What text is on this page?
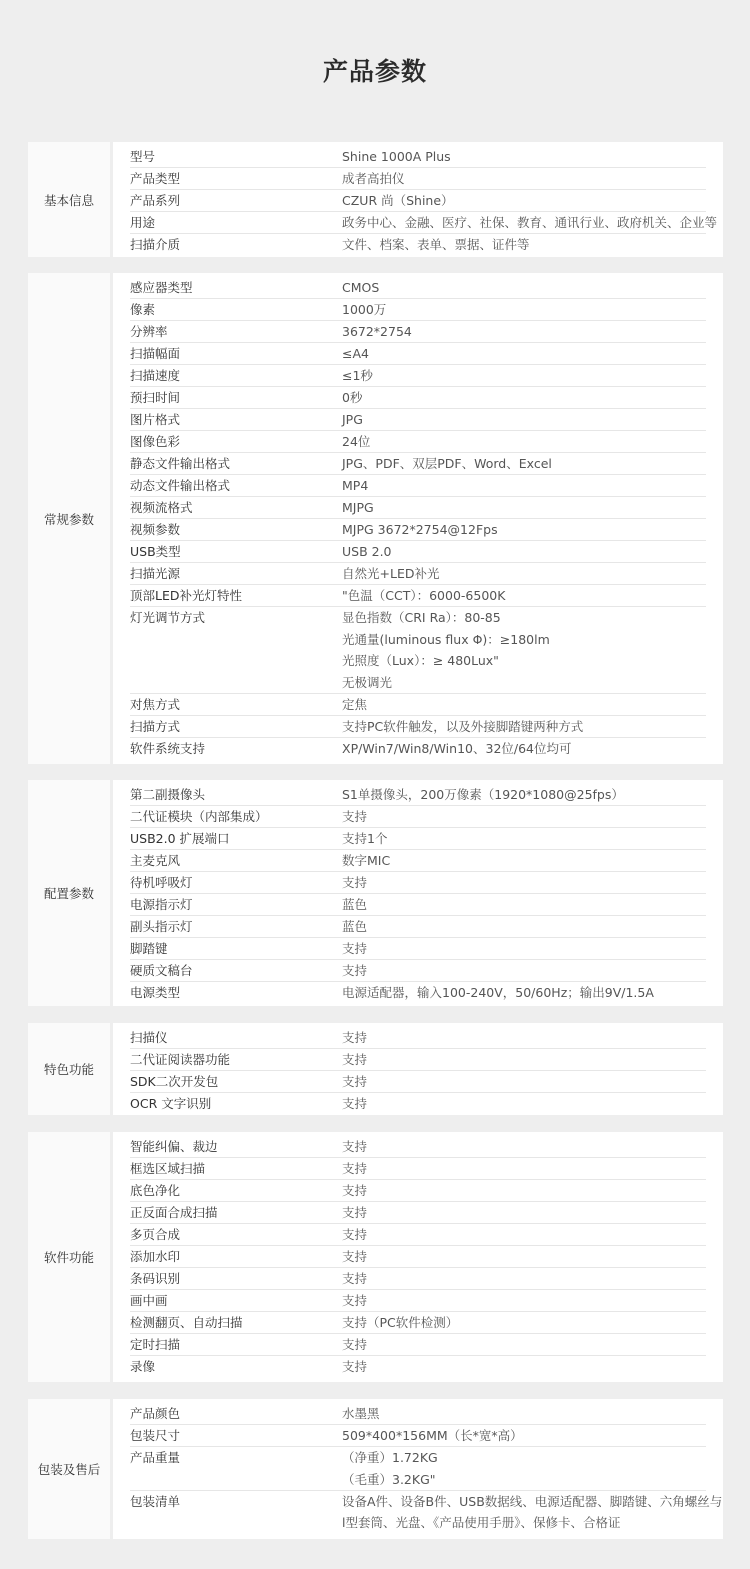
产品参数
基本信息
型号	Shine 1000A Plus
产品类型	成者高拍仪
产品系列	CZUR 尚（Shine）
用途	政务中心、金融、医疗、社保、教育、通讯行业、政府机关、企业等
扫描介质	文件、档案、表单、票据、证件等
常规参数
感应器类型	CMOS
像素	1000万
分辨率	3672*2754
扫描幅面	≤A4
扫描速度	≤1秒
预扫时间	0秒
图片格式	JPG
图像色彩	24位
静态文件输出格式	JPG、PDF、双层PDF、Word、Excel
动态文件输出格式	MP4
视频流格式	MJPG
视频参数	MJPG 3672*2754@12Fps
USB类型	USB 2.0
扫描光源	自然光+LED补光
顶部LED补光灯特性	"色温（CCT）：6000-6500K
灯光调节方式	显色指数（CRI Ra）：80-85
光通量(luminous flux Φ)：≥180lm
光照度（Lux）：≥ 480Lux"
无极调光
对焦方式	定焦
扫描方式	支持PC软件触发，以及外接脚踏键两种方式
软件系统支持	XP/Win7/Win8/Win10、32位/64位均可
配置参数
第二副摄像头	S1单摄像头，200万像素（1920*1080@25fps）
二代证模块（内部集成）	支持
USB2.0 扩展端口	支持1个
主麦克风	数字MIC
待机呼吸灯	支持
电源指示灯	蓝色
副头指示灯	蓝色
脚踏键	支持
硬质文稿台	支持
电源类型	电源适配器，输入100-240V，50/60Hz；输出9V/1.5A
特色功能
扫描仪	支持
二代证阅读器功能	支持
SDK二次开发包	支持
OCR 文字识别	支持
软件功能
智能纠偏、裁边	支持
框选区域扫描	支持
底色净化	支持
正反面合成扫描	支持
多页合成	支持
添加水印	支持
条码识别	支持
画中画	支持
检测翻页、自动扫描	支持（PC软件检测）
定时扫描	支持
录像	支持
包装及售后
产品颜色	水墨黑
包装尺寸	509*400*156MM（长*宽*高）
产品重量	（净重）1.72KG
（毛重）3.2KG"
包装清单	设备A件、设备B件、USB数据线、电源适配器、脚踏键、六角螺丝与
l型套筒、光盘、《产品使用手册》、保修卡、合格证
